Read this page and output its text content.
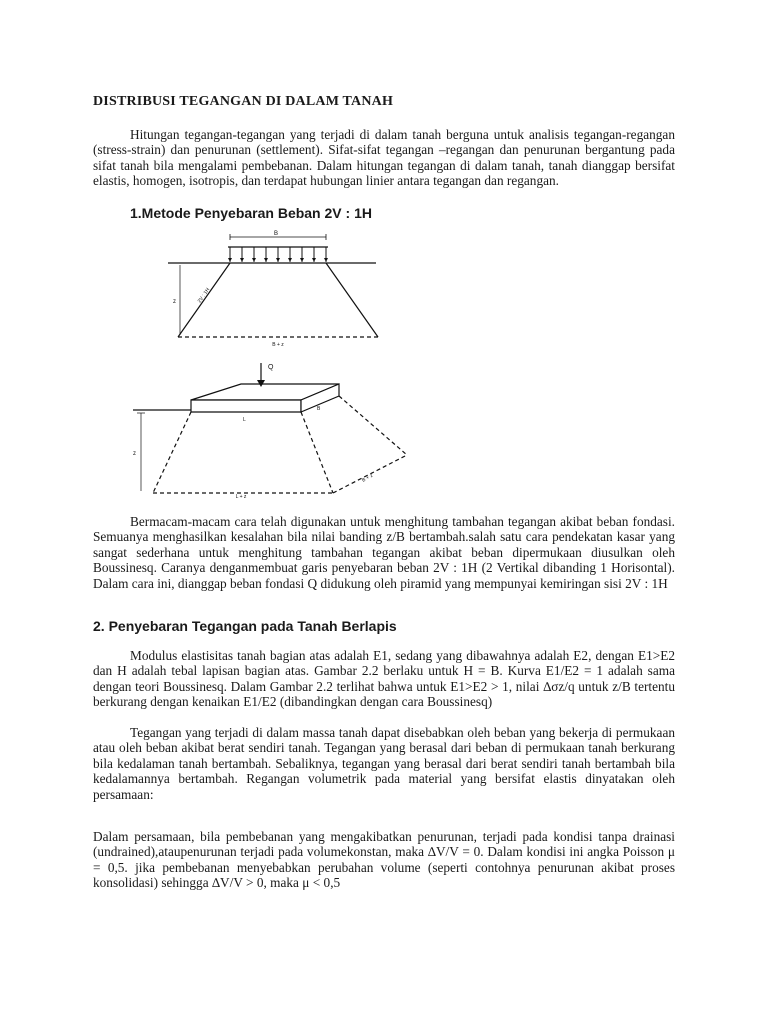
DISTRIBUSI TEGANGAN DI DALAM TANAH

Hitungan tegangan-tegangan yang terjadi di dalam tanah berguna untuk analisis tegangan-regangan (stress-strain) dan penurunan (settlement). Sifat-sifat tegangan –regangan dan penurunan bergantung pada sifat tanah bila mengalami pembebanan. Dalam hitungan tegangan di dalam tanah, tanah dianggap bersifat elastis, homogen, isotropis, dan terdapat hubungan linier antara tegangan dan regangan.

1.Metode Penyebaran Beban 2V : 1H
B
z	2V : 1H
B + z
Q
B
L
z
B + z
L + z

Bermacam-macam cara telah digunakan untuk menghitung tambahan tegangan akibat beban fondasi. Semuanya menghasilkan kesalahan bila nilai banding z/B bertambah.salah satu cara pendekatan kasar yang sangat sederhana untuk menghitung tambahan tegangan akibat beban dipermukaan diusulkan oleh Boussinesq. Caranya denganmembuat garis penyebaran beban 2V : 1H (2 Vertikal dibanding 1 Horisontal). Dalam cara ini, dianggap beban fondasi Q didukung oleh piramid yang mempunyai kemiringan sisi 2V : 1H

2. Penyebaran Tegangan pada Tanah Berlapis

Modulus elastisitas tanah bagian atas adalah E1, sedang yang dibawahnya adalah E2, dengan E1>E2 dan H adalah tebal lapisan bagian atas. Gambar 2.2 berlaku untuk H = B. Kurva E1/E2 = 1 adalah sama dengan teori Boussinesq. Dalam Gambar 2.2 terlihat bahwa untuk E1>E2 > 1, nilai ∆σz/q untuk z/B tertentu berkurang dengan kenaikan E1/E2 (dibandingkan dengan cara Boussinesq)

Tegangan yang terjadi di dalam massa tanah dapat disebabkan oleh beban yang bekerja di permukaan atau oleh beban akibat berat sendiri tanah. Tegangan yang berasal dari beban di permukaan tanah berkurang bila kedalaman tanah bertambah. Sebaliknya, tegangan yang berasal dari berat sendiri tanah bertambah bila kedalamannya bertambah. Regangan volumetrik pada material yang bersifat elastis dinyatakan oleh persamaan:

Dalam persamaan, bila pembebanan yang mengakibatkan penurunan, terjadi pada kondisi tanpa drainasi (undrained),ataupenurunan terjadi pada volumekonstan, maka ∆V/V = 0. Dalam kondisi ini angka Poisson μ = 0,5. jika pembebanan menyebabkan perubahan volume (seperti contohnya penurunan akibat proses konsolidasi) sehingga ∆V/V > 0, maka μ < 0,5
